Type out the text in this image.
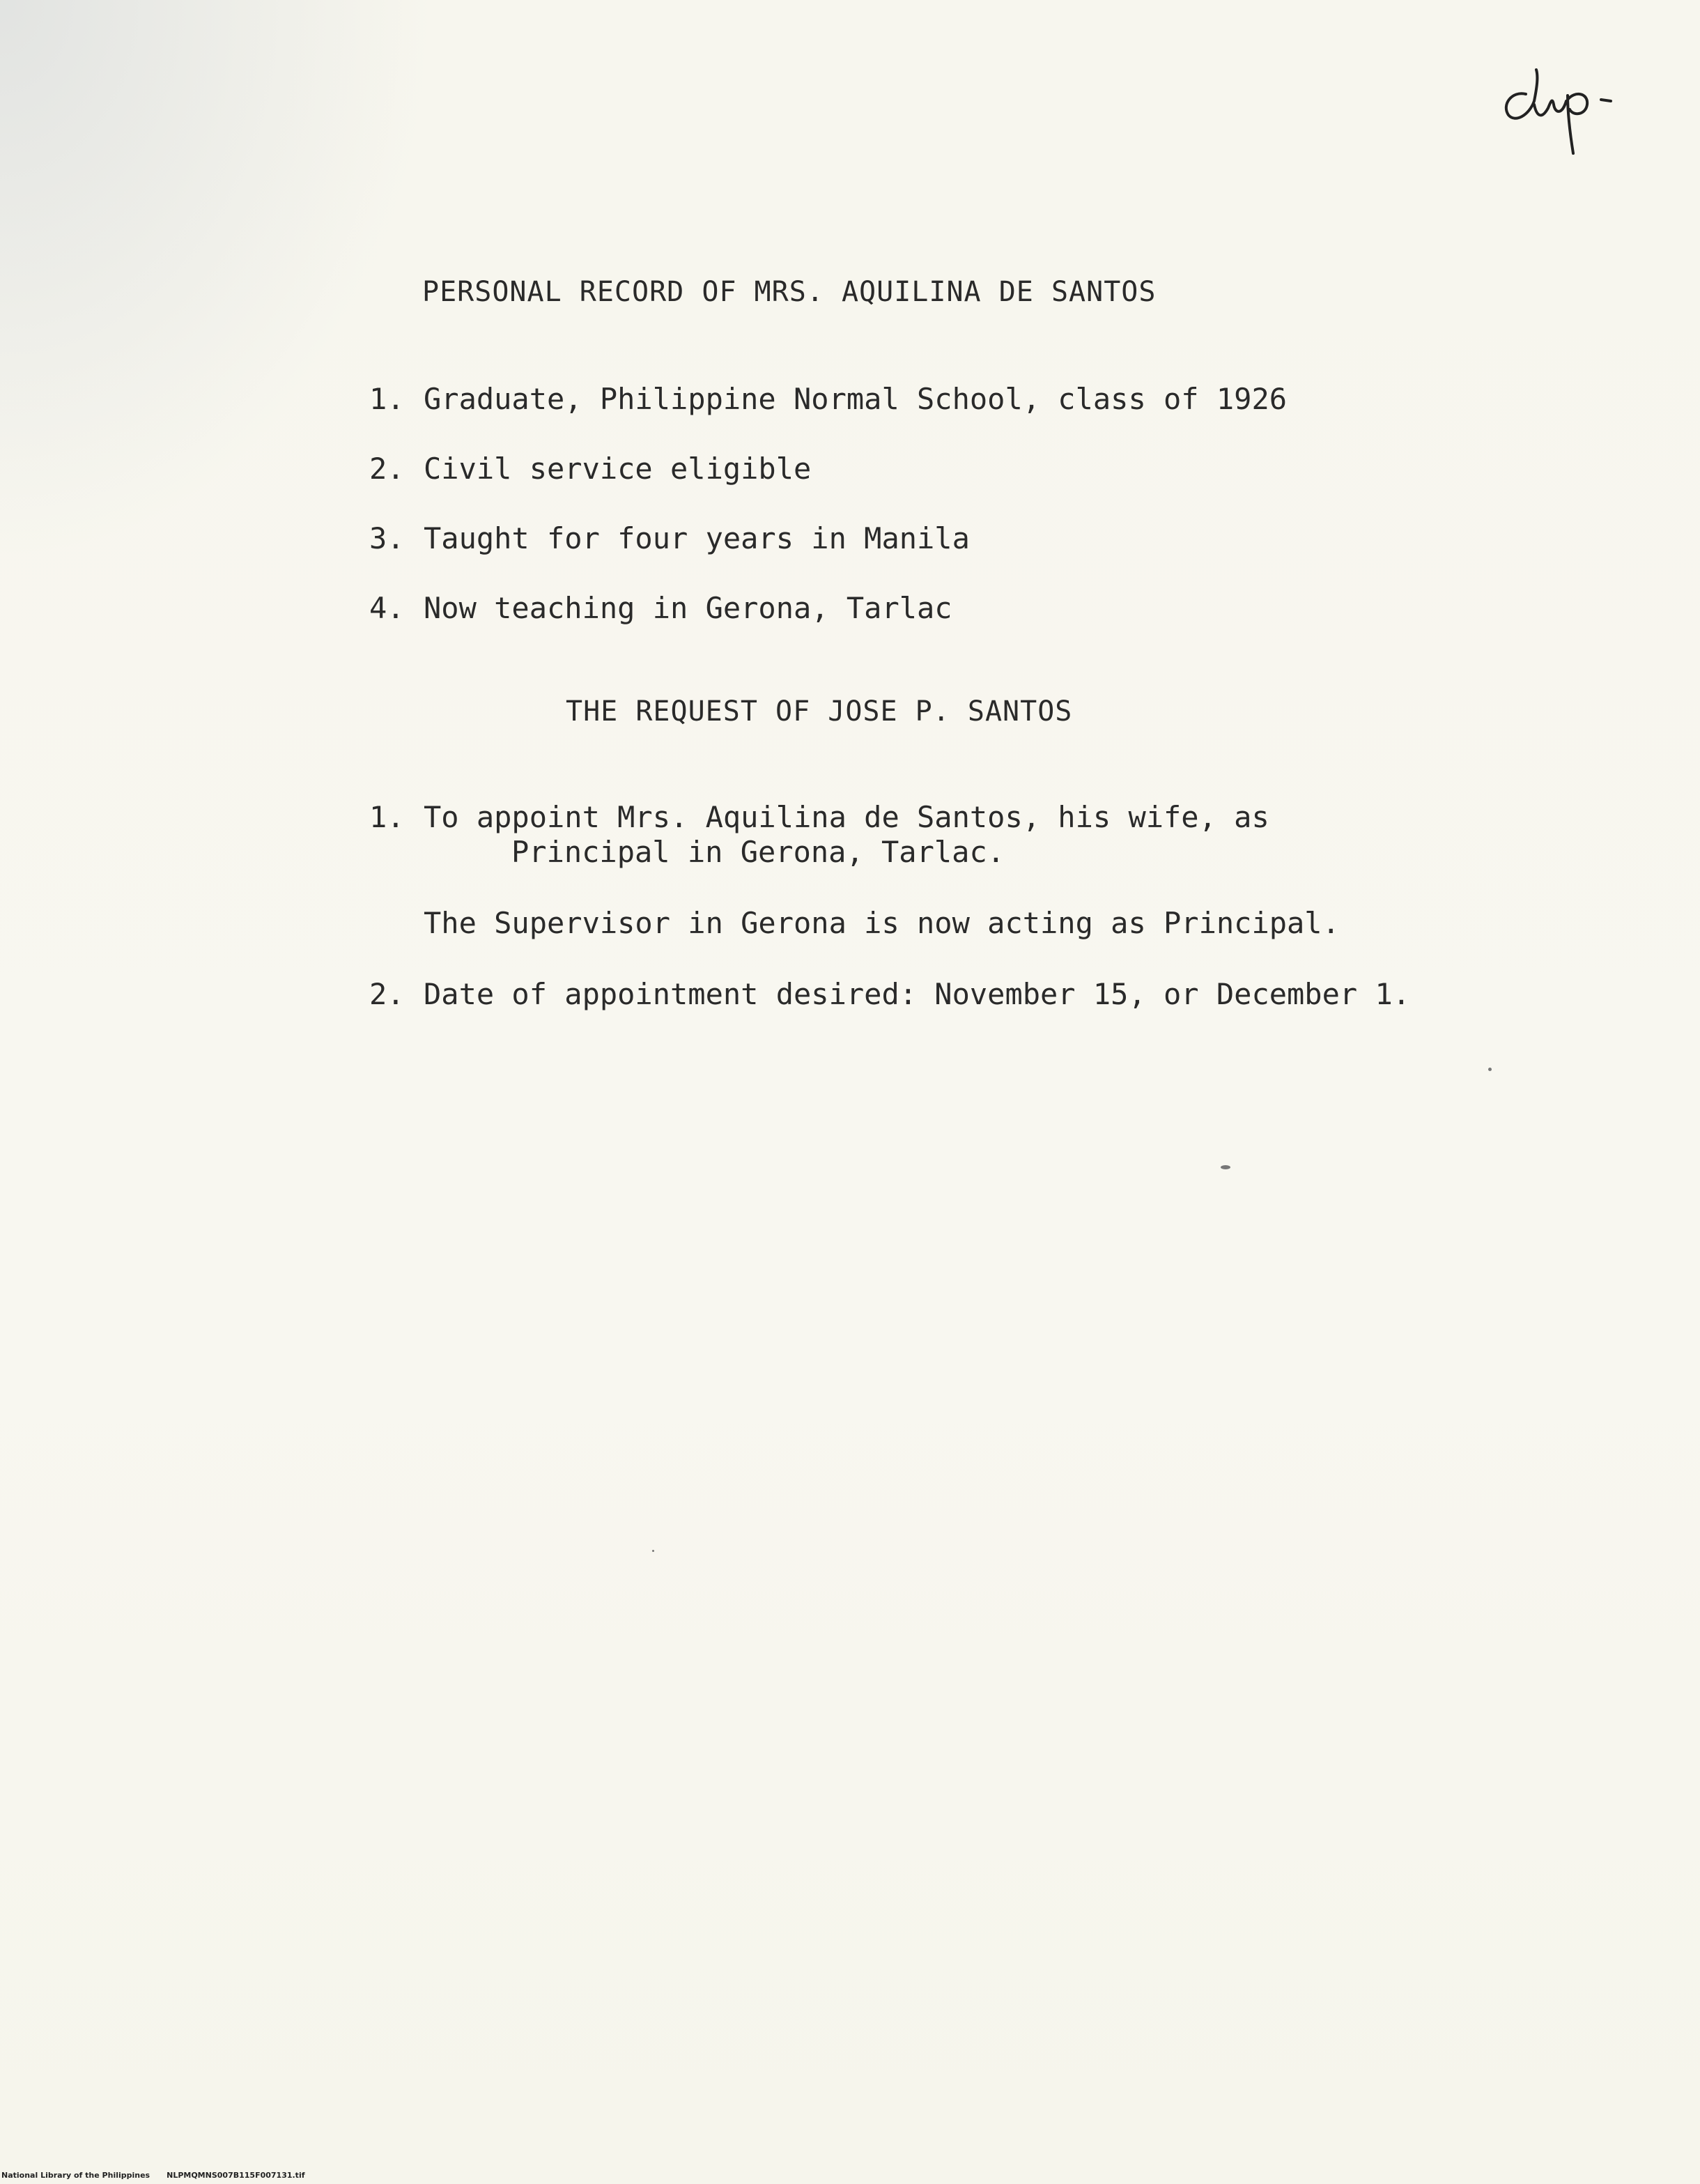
PERSONAL RECORD OF MRS. AQUILINA DE SANTOS
1. Graduate, Philippine Normal School, class of 1926
2. Civil service eligible
3. Taught for four years in Manila
4. Now teaching in Gerona, Tarlac
THE REQUEST OF JOSE P. SANTOS
1. To appoint Mrs. Aquilina de Santos, his wife, as
Principal in Gerona, Tarlac.
The Supervisor in Gerona is now acting as Principal.
2. Date of appointment desired: November 15, or December 1.
National Library of the Philippines NLPMQMNS007B115F007131.tif
